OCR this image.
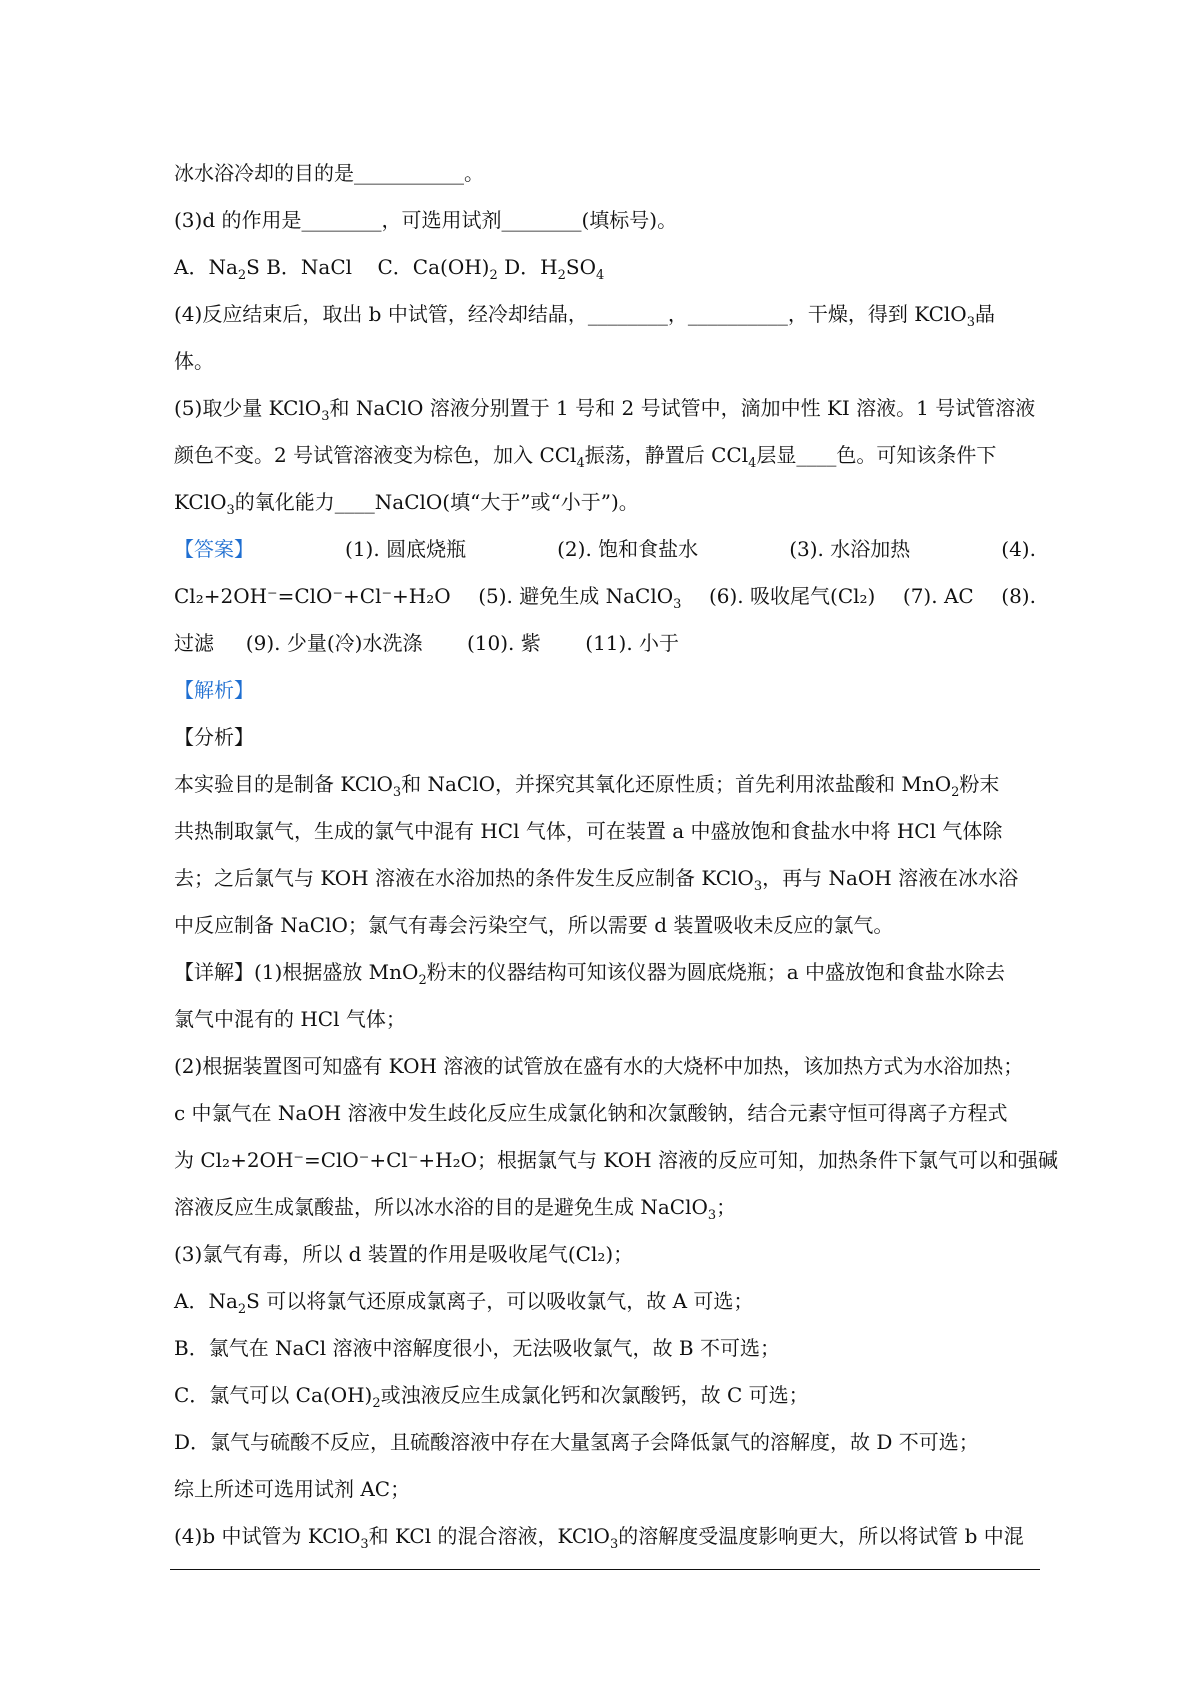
冰水浴冷却的目的是___________。
(3)d 的作用是________，可选用试剂________(填标号)。
A．$Na_2S$ B．NaCl C．$Ca(OH)_2$ D．$H_2SO_4$
(4)反应结束后，取出 b 中试管，经冷却结晶，________，__________，干燥，得到 KClO$_3$晶
体。
(5)取少量 KClO$_3$和 NaClO 溶液分别置于 1 号和 2 号试管中，滴加中性 KI 溶液。1 号试管溶液
颜色不变。2 号试管溶液变为棕色，加入 CCl$_4$振荡，静置后 CCl$_4$层显____色。可知该条件下
KClO$_3$的氧化能力____NaClO(填“大于”或“小于”)。
【答案】	(1). 圆底烧瓶	(2). 饱和食盐水	(3). 水浴加热	(4).
Cl₂+2OH⁻=ClO⁻+Cl⁻+H₂O (5). 避免生成 NaClO$_3$ (6). 吸收尾气(Cl₂) (7). AC (8).
过滤 (9). 少量(冷)水洗涤 (10). 紫 (11). 小于
【解析】
【分析】
本实验目的是制备 KClO$_3$和 NaClO，并探究其氧化还原性质；首先利用浓盐酸和 MnO$_2$粉末
共热制取氯气，生成的氯气中混有 HCl 气体，可在装置 a 中盛放饱和食盐水中将 HCl 气体除
去；之后氯气与 KOH 溶液在水浴加热的条件发生反应制备 KClO$_3$，再与 NaOH 溶液在冰水浴
中反应制备 NaClO；氯气有毒会污染空气，所以需要 d 装置吸收未反应的氯气。
【详解】(1)根据盛放 MnO$_2$粉末的仪器结构可知该仪器为圆底烧瓶；a 中盛放饱和食盐水除去
氯气中混有的 HCl 气体；
(2)根据装置图可知盛有 KOH 溶液的试管放在盛有水的大烧杯中加热，该加热方式为水浴加热；
c 中氯气在 NaOH 溶液中发生歧化反应生成氯化钠和次氯酸钠，结合元素守恒可得离子方程式
为 Cl₂+2OH⁻=ClO⁻+Cl⁻+H₂O；根据氯气与 KOH 溶液的反应可知，加热条件下氯气可以和强碱
溶液反应生成氯酸盐，所以冰水浴的目的是避免生成 NaClO$_3$；
(3)氯气有毒，所以 d 装置的作用是吸收尾气(Cl₂)；
A．$Na_2S$ 可以将氯气还原成氯离子，可以吸收氯气，故 A 可选；
B．氯气在 NaCl 溶液中溶解度很小，无法吸收氯气，故 B 不可选；
C．氯气可以 $Ca(OH)_2$或浊液反应生成氯化钙和次氯酸钙，故 C 可选；
D．氯气与硫酸不反应，且硫酸溶液中存在大量氢离子会降低氯气的溶解度，故 D 不可选；
综上所述可选用试剂 AC；
(4)b 中试管为 KClO$_3$和 KCl 的混合溶液，KClO$_3$的溶解度受温度影响更大，所以将试管 b 中混
